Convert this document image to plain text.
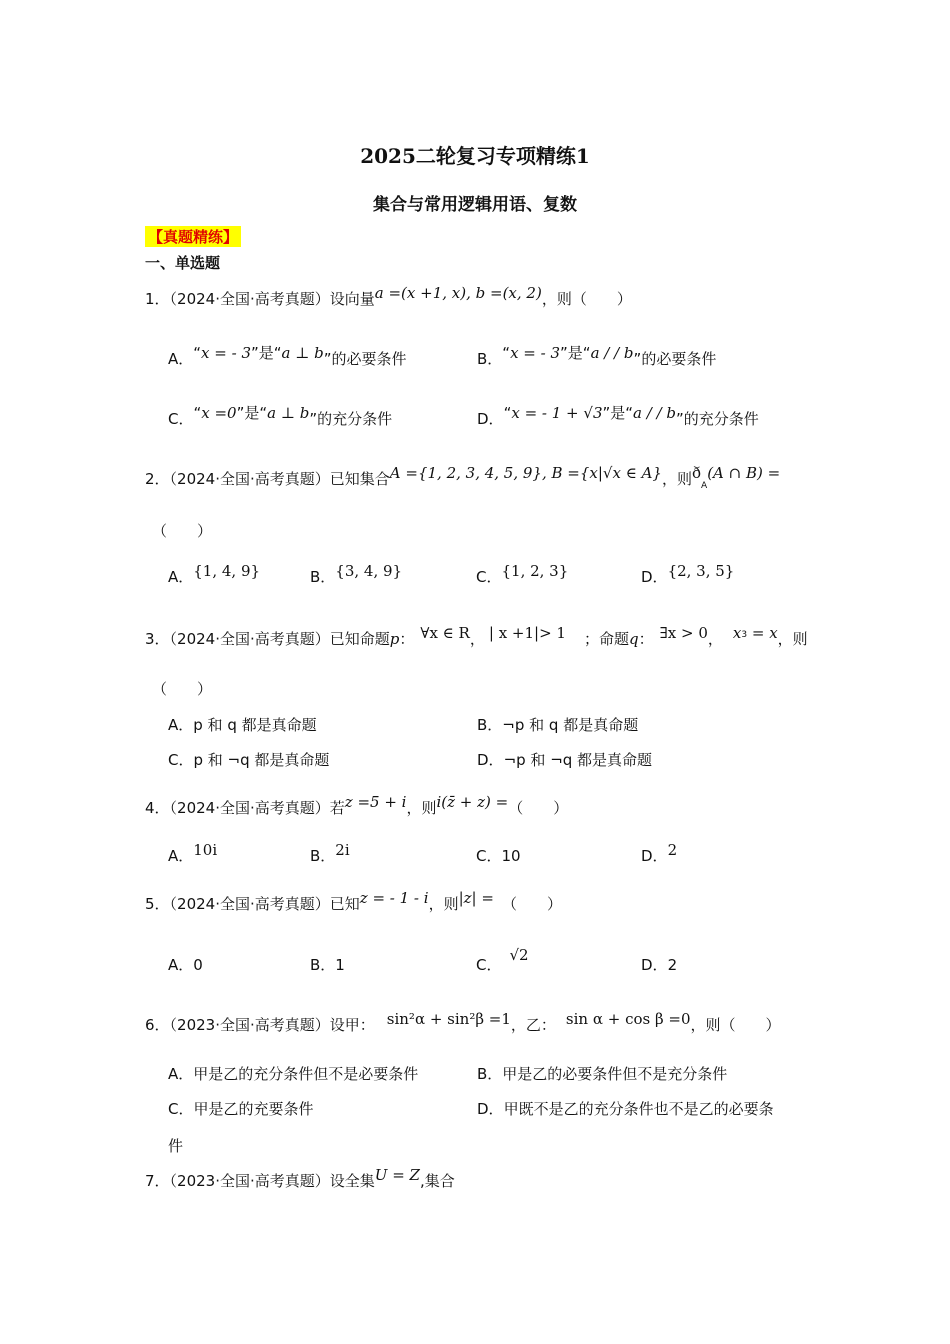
2025二轮复习专项精练1
集合与常用逻辑用语、复数
【真题精练】
一、单选题
1．（2024·全国·高考真题）设向量a =(x +1, x), b =(x, 2)，则（　　）
A．“x = - 3”是“a ⊥ b”的必要条件	B．“x = - 3”是“a / / b”的必要条件
C．“x =0”是“a ⊥ b”的充分条件	D．“x = - 1 + √3”是“a / / b”的充分条件
2．（2024·全国·高考真题）已知集合A ={1, 2, 3, 4, 5, 9}, B ={x|√x ∈ A}，则$ð_A(A$ ∩ B) =
（　　）
A．{1, 4, 9}	B．{3, 4, 9}	C．{1, 2, 3}	D．{2, 3, 5}
3．（2024·全国·高考真题）已知命题p： ∀x ∈ R， | x +1|> 1 ；命题q： ∃x > 0， $x^3 = x$，则
（　　）
A．p 和 q 都是真命题	B．¬p 和 q 都是真命题
C．p 和 ¬q 都是真命题	D．¬p 和 ¬q 都是真命题
4．（2024·全国·高考真题）若z =5 + i，则i(z̄ + z) =（　　）
A．10i	B．2i	C．10	D．2
5．（2024·全国·高考真题）已知z = - 1 - i，则|z| = （　　）
A．0	B．1	C．√2
D．2
6．（2023·全国·高考真题）设甲： sin²α + sin²β =1，乙： sin α + cos β =0，则（　　）
A．甲是乙的充分条件但不是必要条件	B．甲是乙的必要条件但不是充分条件
C．甲是乙的充要条件	D．甲既不是乙的充分条件也不是乙的必要条
件
7．（2023·全国·高考真题）设全集U = Z,集合
